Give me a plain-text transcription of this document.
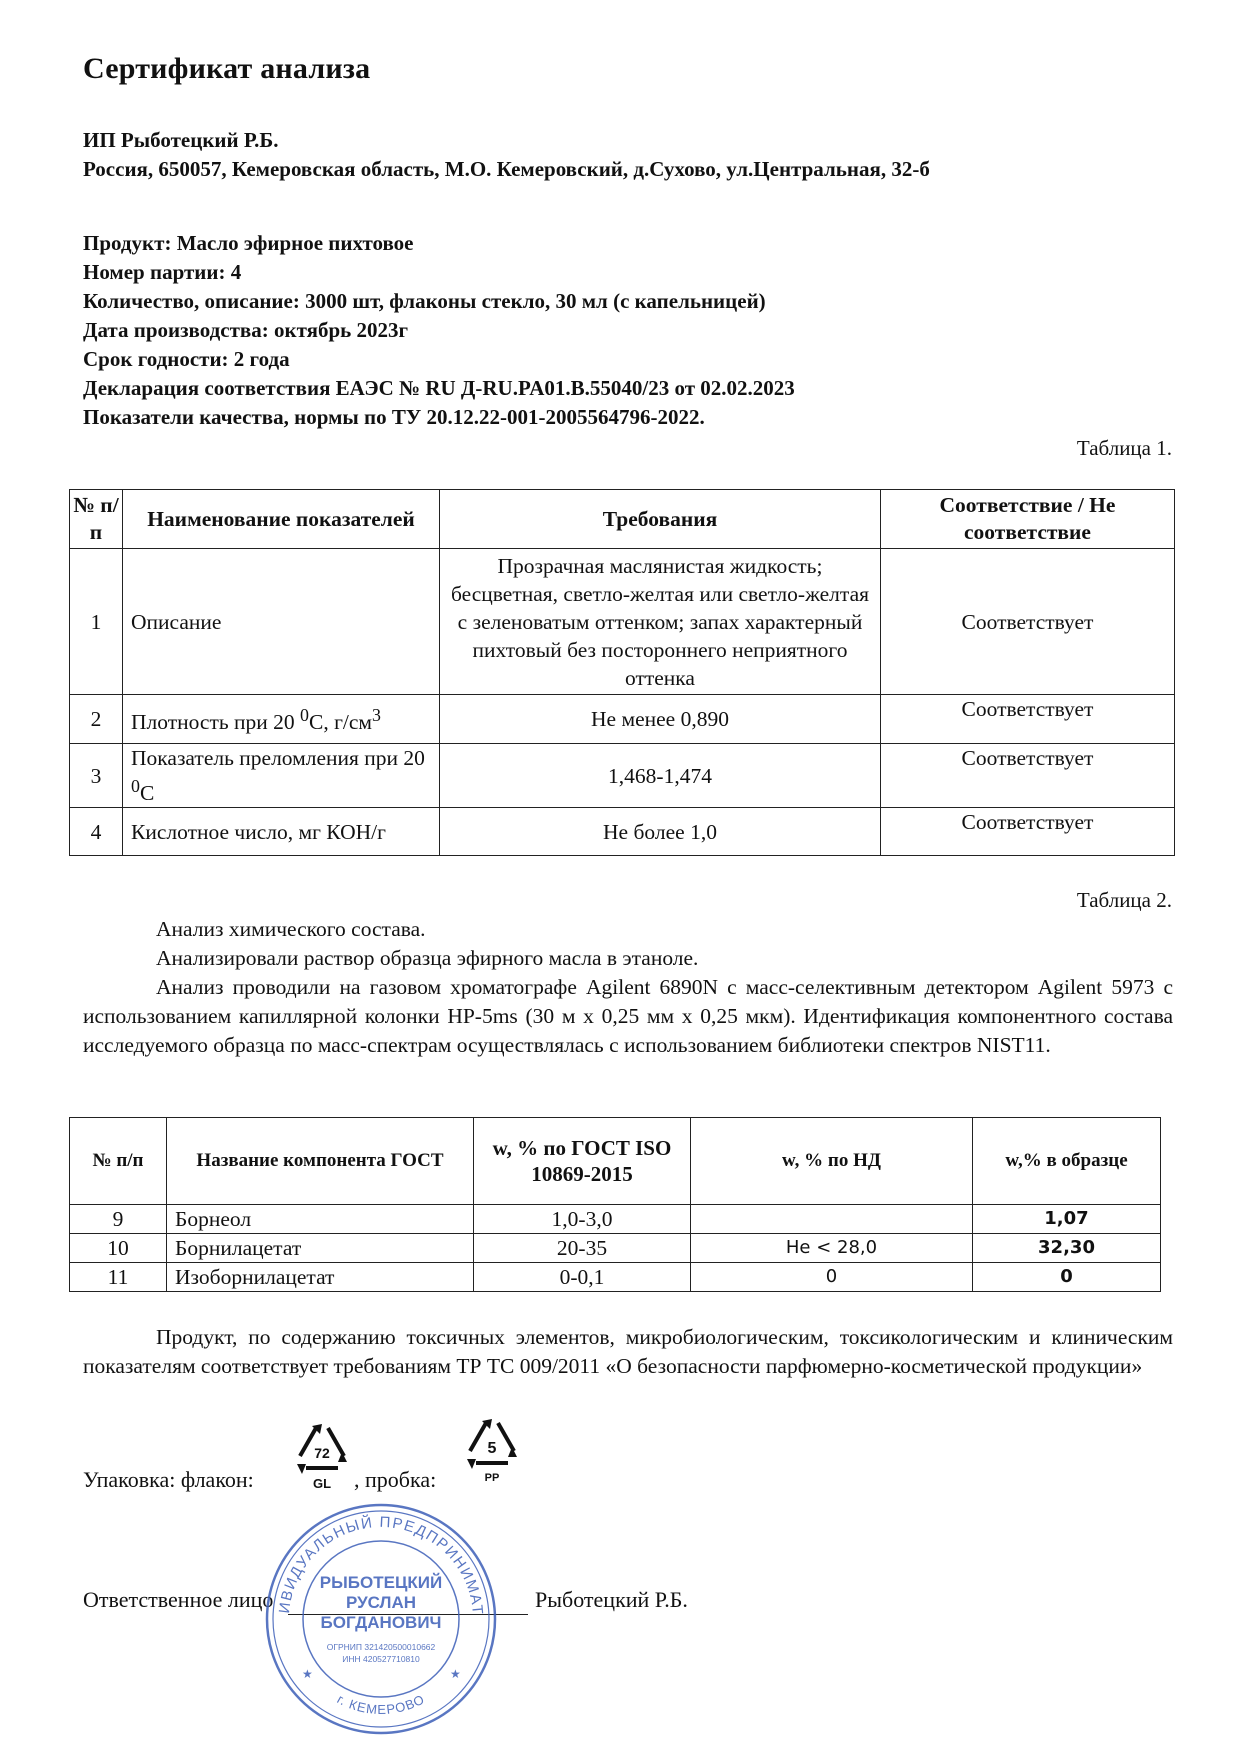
Сертификат анализа
ИП Рыботецкий Р.Б.
Россия, 650057, Кемеровская область, М.О. Кемеровский, д.Сухово, ул.Центральная, 32-б
Продукт: Масло эфирное пихтовое
Номер партии: 4
Количество, описание: 3000 шт, флаконы стекло, 30 мл (с капельницей)
Дата производства: октябрь 2023г
Срок годности: 2 года
Декларация соответствия ЕАЭС № RU Д-RU.PA01.B.55040/23 от 02.02.2023
Показатели качества, нормы по ТУ 20.12.22-001-2005564796-2022.
Таблица 1.
№ п/п	Наименование показателей	Требования	Соответствие / Не соответствие
1	Описание	Прозрачная маслянистая жидкость; бесцветная, светло-желтая или светло-желтая с зеленоватым оттенком; запах характерный пихтовый без постороннего неприятного оттенка	Соответствует
2	Плотность при 20 $^0$С, $г/см^3$	Не менее 0,890	Соответствует
3	Показатель преломления при 20 $^0$С	1,468-1,474	Соответствует
4	Кислотное число, мг КОН/г	Не более 1,0	Соответствует
Таблица 2.
Анализ химического состава.
Анализировали раствор образца эфирного масла в этаноле.
Анализ проводили на газовом хроматографе Agilent 6890N с масс-селективным детектором Agilent 5973 с использованием капиллярной колонки HP-5ms (30 м х 0,25 мм х 0,25 мкм). Идентификация компонентного состава исследуемого образца по масс-спектрам осуществлялась с использованием библиотеки спектров NIST11.
№ п/п	Название компонента ГОСТ	w, % по ГОСТ ISO 10869-2015	w, % по НД	w,% в образце
9	Борнеол	1,0-3,0		1,07
10	Борнилацетат	20-35	Не < 28,0	32,30
11	Изоборнилацетат	0-0,1	0	0
Продукт, по содержанию токсичных элементов, микробиологическим, токсикологическим и клиническим показателям соответствует требованиям ТР ТС 009/2011 «О безопасности парфюмерно-косметической продукции»
Упаковка: флакон:	, пробка:
72
GL
5
PP
Ответственное лицо	Рыботецкий Р.Б.
ИВИДУАЛЬНЫЙ ПРЕДПРИНИМАТ
г. КЕМЕРОВО
РЫБОТЕЦКИЙ
РУСЛАН
БОГДАНОВИЧ
ОГРНИП 321420500010662
ИНН 420527710810
★	★
